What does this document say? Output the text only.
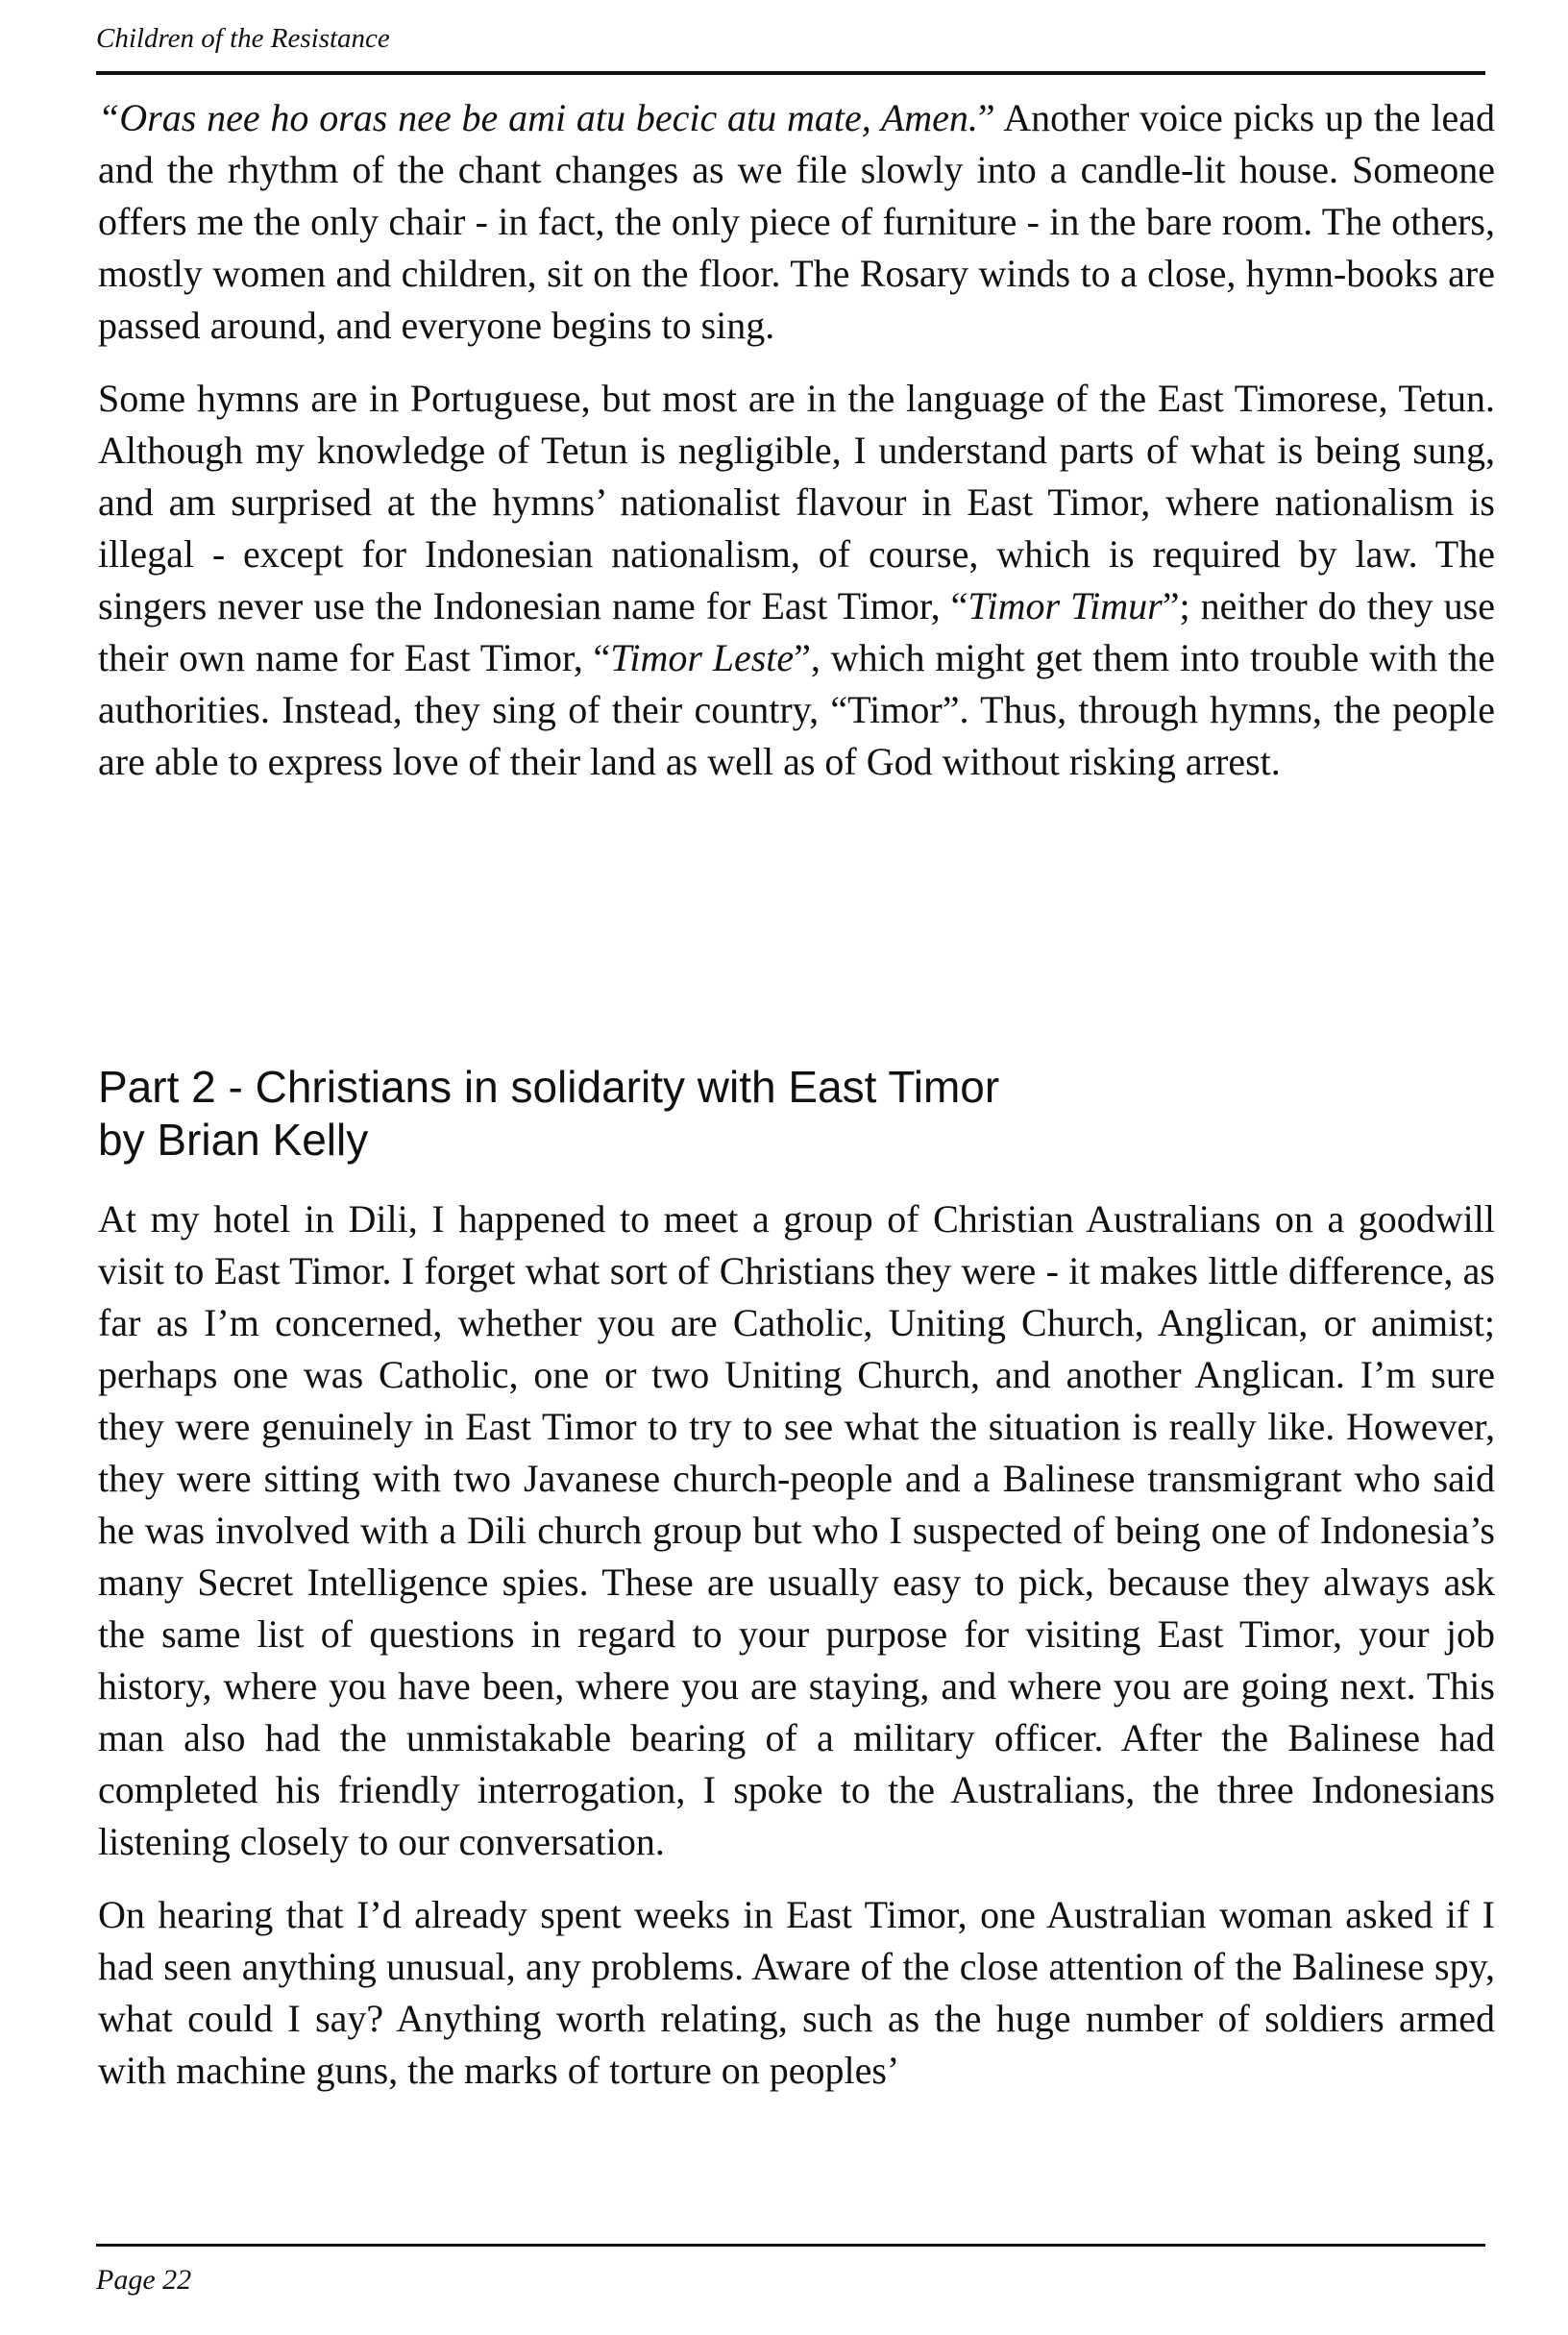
Children of the Resistance

“Oras nee ho oras nee be ami atu becic atu mate, Amen.” Another voice picks up the lead and the rhythm of the chant changes as we file slowly into a candle-lit house. Someone offers me the only chair - in fact, the only piece of furniture - in the bare room. The others, mostly women and children, sit on the floor. The Rosary winds to a close, hymn-books are passed around, and everyone begins to sing.

Some hymns are in Portuguese, but most are in the language of the East Timorese, Tetun. Although my knowledge of Tetun is negligible, I understand parts of what is being sung, and am surprised at the hymns’ nationalist flavour in East Timor, where nationalism is illegal - except for Indonesian nationalism, of course, which is required by law. The singers never use the Indonesian name for East Timor, “Timor Timur”; neither do they use their own name for East Timor, “Timor Leste”, which might get them into trouble with the authorities. Instead, they sing of their country, “Timor”. Thus, through hymns, the people are able to express love of their land as well as of God without risking arrest.

Part 2 - Christians in solidarity with East Timor
by Brian Kelly

At my hotel in Dili, I happened to meet a group of Christian Australians on a goodwill visit to East Timor. I forget what sort of Christians they were - it makes little difference, as far as I’m concerned, whether you are Catholic, Uniting Church, Anglican, or animist; perhaps one was Catholic, one or two Uniting Church, and another Anglican. I’m sure they were genuinely in East Timor to try to see what the situation is really like. However, they were sitting with two Javanese church-people and a Balinese transmigrant who said he was involved with a Dili church group but who I suspected of being one of Indonesia’s many Secret Intelligence spies. These are usually easy to pick, because they always ask the same list of questions in regard to your purpose for visiting East Timor, your job history, where you have been, where you are staying, and where you are going next. This man also had the unmistakable bearing of a military officer. After the Balinese had completed his friendly interrogation, I spoke to the Australians, the three Indonesians listening closely to our conversation.

On hearing that I’d already spent weeks in East Timor, one Australian woman asked if I had seen anything unusual, any problems. Aware of the close attention of the Balinese spy, what could I say? Anything worth relating, such as the huge number of soldiers armed with machine guns, the marks of torture on peoples’

Page 22
